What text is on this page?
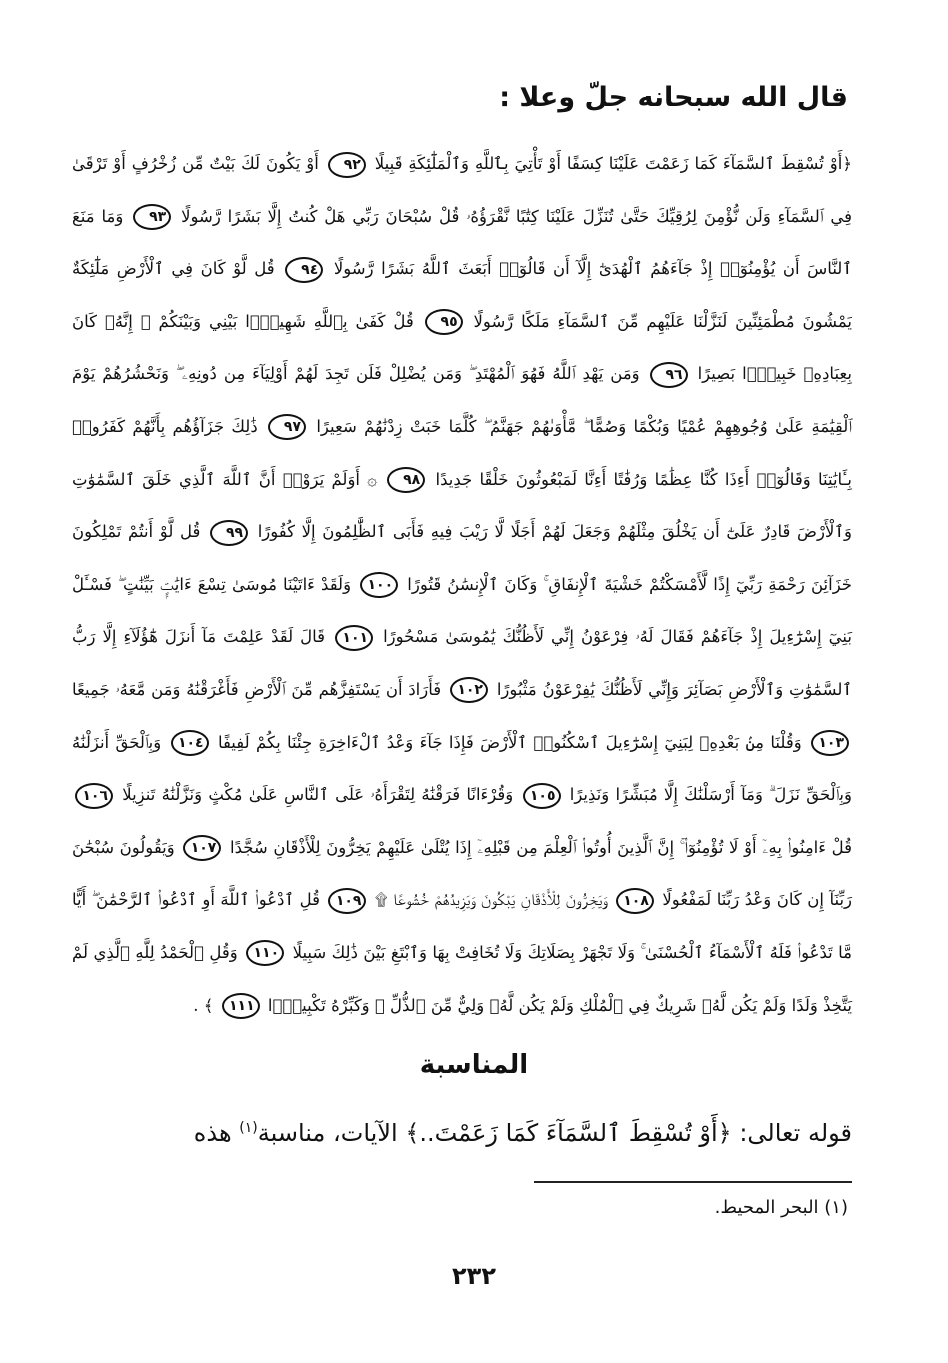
قال الله سبحانه جلّ وعلا :
﴿أَوْ تُسْقِطَ ٱلسَّمَآءَ كَمَا زَعَمْتَ عَلَيْنَا كِسَفًا أَوْ تَأْتِيَ بِٱللَّهِ وَٱلْمَلَٰٓئِكَةِ قَبِيلًا ٩٢ أَوْ يَكُونَ لَكَ بَيْتٌ مِّن زُخْرُفٍ أَوْ تَرْقَىٰ فِي ٱلسَّمَآءِ وَلَن نُّؤْمِنَ لِرُقِيِّكَ حَتَّىٰ تُنَزِّلَ عَلَيْنَا كِتَٰبًا نَّقْرَؤُهُۥ قُلْ سُبْحَانَ رَبِّي هَلْ كُنتُ إِلَّا بَشَرًا رَّسُولًا ٩٣ وَمَا مَنَعَ ٱلنَّاسَ أَن يُؤْمِنُوٓا۟ إِذْ جَآءَهُمُ ٱلْهُدَىٰٓ إِلَّآ أَن قَالُوٓا۟ أَبَعَثَ ٱللَّهُ بَشَرًا رَّسُولًا ٩٤ قُل لَّوْ كَانَ فِي ٱلْأَرْضِ مَلَٰٓئِكَةٌ يَمْشُونَ مُطْمَئِنِّينَ لَنَزَّلْنَا عَلَيْهِم مِّنَ ٱلسَّمَآءِ مَلَكًا رَّسُولًا ٩٥ قُلْ كَفَىٰ بِٱللَّهِ شَهِيدًۢا بَيْنِي وَبَيْنَكُمْ ۚ إِنَّهُۥ كَانَ بِعِبَادِهِۦ خَبِيرًۢا بَصِيرًا ٩٦ وَمَن يَهْدِ ٱللَّهُ فَهُوَ ٱلْمُهْتَدِ ۖ وَمَن يُضْلِلْ فَلَن تَجِدَ لَهُمْ أَوْلِيَآءَ مِن دُونِهِۦ ۖ وَنَحْشُرُهُمْ يَوْمَ ٱلْقِيَٰمَةِ عَلَىٰ وُجُوهِهِمْ عُمْيًا وَبُكْمًا وَصُمًّا ۖ مَّأْوَىٰهُمْ جَهَنَّمُ ۖ كُلَّمَا خَبَتْ زِدْنَٰهُمْ سَعِيرًا ٩٧ ذَٰلِكَ جَزَآؤُهُم بِأَنَّهُمْ كَفَرُوا۟ بِـَٔايَٰتِنَا وَقَالُوٓا۟ أَءِذَا كُنَّا عِظَٰمًا وَرُفَٰتًا أَءِنَّا لَمَبْعُوثُونَ خَلْقًا جَدِيدًا ٩٨ ۞ أَوَلَمْ يَرَوْا۟ أَنَّ ٱللَّهَ ٱلَّذِي خَلَقَ ٱلسَّمَٰوَٰتِ وَٱلْأَرْضَ قَادِرٌ عَلَىٰٓ أَن يَخْلُقَ مِثْلَهُمْ وَجَعَلَ لَهُمْ أَجَلًا لَّا رَيْبَ فِيهِ فَأَبَى ٱلظَّٰلِمُونَ إِلَّا كُفُورًا ٩٩ قُل لَّوْ أَنتُمْ تَمْلِكُونَ خَزَآئِنَ رَحْمَةِ رَبِّيٓ إِذًا لَّأَمْسَكْتُمْ خَشْيَةَ ٱلْإِنفَاقِ ۚ وَكَانَ ٱلْإِنسَٰنُ قَتُورًا ١٠٠ وَلَقَدْ ءَاتَيْنَا مُوسَىٰ تِسْعَ ءَايَٰتٍۭ بَيِّنَٰتٍ ۖ فَسْـَٔلْ بَنِيٓ إِسْرَٰٓءِيلَ إِذْ جَآءَهُمْ فَقَالَ لَهُۥ فِرْعَوْنُ إِنِّي لَأَظُنُّكَ يَٰمُوسَىٰ مَسْحُورًا ١٠١ قَالَ لَقَدْ عَلِمْتَ مَآ أَنزَلَ هَٰٓؤُلَآءِ إِلَّا رَبُّ ٱلسَّمَٰوَٰتِ وَٱلْأَرْضِ بَصَآئِرَ وَإِنِّي لَأَظُنُّكَ يَٰفِرْعَوْنُ مَثْبُورًا ١٠٢ فَأَرَادَ أَن يَسْتَفِزَّهُم مِّنَ ٱلْأَرْضِ فَأَغْرَقْنَٰهُ وَمَن مَّعَهُۥ جَمِيعًا ١٠٣ وَقُلْنَا مِنۢ بَعْدِهِۦ لِبَنِيٓ إِسْرَٰٓءِيلَ ٱسْكُنُوا۟ ٱلْأَرْضَ فَإِذَا جَآءَ وَعْدُ ٱلْءَاخِرَةِ جِئْنَا بِكُمْ لَفِيفًا ١٠٤ وَبِٱلْحَقِّ أَنزَلْنَٰهُ وَبِٱلْحَقِّ نَزَلَ ۗ وَمَآ أَرْسَلْنَٰكَ إِلَّا مُبَشِّرًا وَنَذِيرًا ١٠٥ وَقُرْءَانًا فَرَقْنَٰهُ لِتَقْرَأَهُۥ عَلَى ٱلنَّاسِ عَلَىٰ مُكْثٍ وَنَزَّلْنَٰهُ تَنزِيلًا ١٠٦ قُلْ ءَامِنُوا۟ بِهِۦٓ أَوْ لَا تُؤْمِنُوٓا۟ ۚ إِنَّ ٱلَّذِينَ أُوتُوا۟ ٱلْعِلْمَ مِن قَبْلِهِۦٓ إِذَا يُتْلَىٰ عَلَيْهِمْ يَخِرُّونَ لِلْأَذْقَانِ سُجَّدًا ١٠٧ وَيَقُولُونَ سُبْحَٰنَ رَبِّنَآ إِن كَانَ وَعْدُ رَبِّنَا لَمَفْعُولًا ١٠٨ وَيَخِرُّونَ لِلْأَذْقَانِ يَبْكُونَ وَيَزِيدُهُمْ خُشُوعًا ۩ ١٠٩ قُلِ ٱدْعُوا۟ ٱللَّهَ أَوِ ٱدْعُوا۟ ٱلرَّحْمَٰنَ ۖ أَيًّا مَّا تَدْعُوا۟ فَلَهُ ٱلْأَسْمَآءُ ٱلْحُسْنَىٰ ۚ وَلَا تَجْهَرْ بِصَلَاتِكَ وَلَا تُخَافِتْ بِهَا وَٱبْتَغِ بَيْنَ ذَٰلِكَ سَبِيلًا ١١٠ وَقُلِ ٱلْحَمْدُ لِلَّهِ ٱلَّذِي لَمْ يَتَّخِذْ وَلَدًا وَلَمْ يَكُن لَّهُۥ شَرِيكٌ فِي ٱلْمُلْكِ وَلَمْ يَكُن لَّهُۥ وَلِيٌّ مِّنَ ٱلذُّلِّ ۖ وَكَبِّرْهُ تَكْبِيرًۢا ١١١ ﴾ .
المناسبة
قوله تعالى: ﴿أَوْ تُسْقِطَ ٱلسَّمَآءَ كَمَا زَعَمْتَ..﴾ الآيات، مناسبة$^{(١)}$ هذه
(١) البحر المحيط.
٢٣٢
